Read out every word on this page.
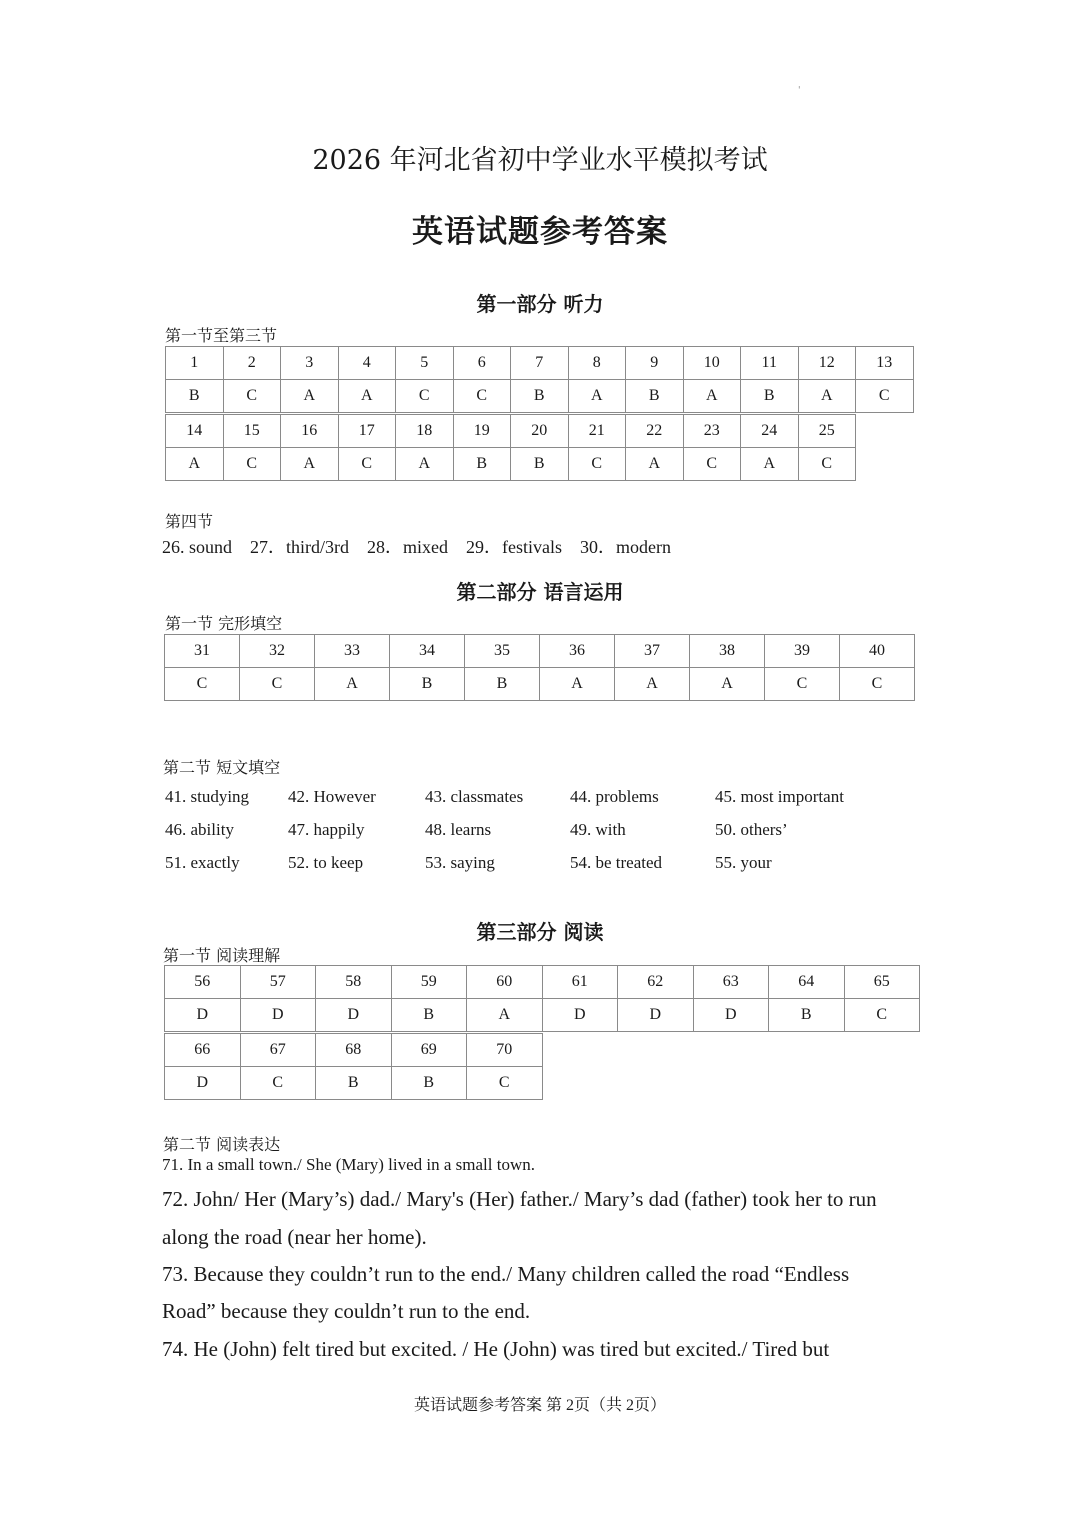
'
2026 年河北省初中学业水平模拟考试
英语试题参考答案
第一部分 听力
第一节至第三节
1	2	3	4	5	6	7	8	9	10	11	12	13
B	C	A	A	C	C	B	A	B	A	B	A	C
14	15	16	17	18	19	20	21	22	23	24	25
A	C	A	C	A	B	B	C	A	C	A	C
第四节
26. sound    27．third/3rd    28．mixed    29．festivals    30．modern
第二部分 语言运用
第一节 完形填空
31	32	33	34	35	36	37	38	39	40
C	C	A	B	B	A	A	A	C	C
第二节 短文填空
41. studying 42. However	43. classmates	44. problems	45. most important
46. ability	47. happily	48. learns	49. with	50. others’
51. exactly	52. to keep	53. saying	54. be treated	55. your
第三部分 阅读
第一节 阅读理解
56	57	58	59	60	61	62	63	64	65
D	D	D	B	A	D	D	D	B	C
66	67	68	69	70
D	C	B	B	C
第二节 阅读表达
71. In a small town./ She (Mary) lived in a small town.
72. John/ Her (Mary’s) dad./ Mary's (Her) father./ Mary’s dad (father) took her to run
along the road (near her home).
73. Because they couldn’t run to the end./ Many children called the road “Endless
Road” because they couldn’t run to the end.
74. He (John) felt tired but excited. / He (John) was tired but excited./ Tired but
英语试题参考答案 第 2页（共 2页）
